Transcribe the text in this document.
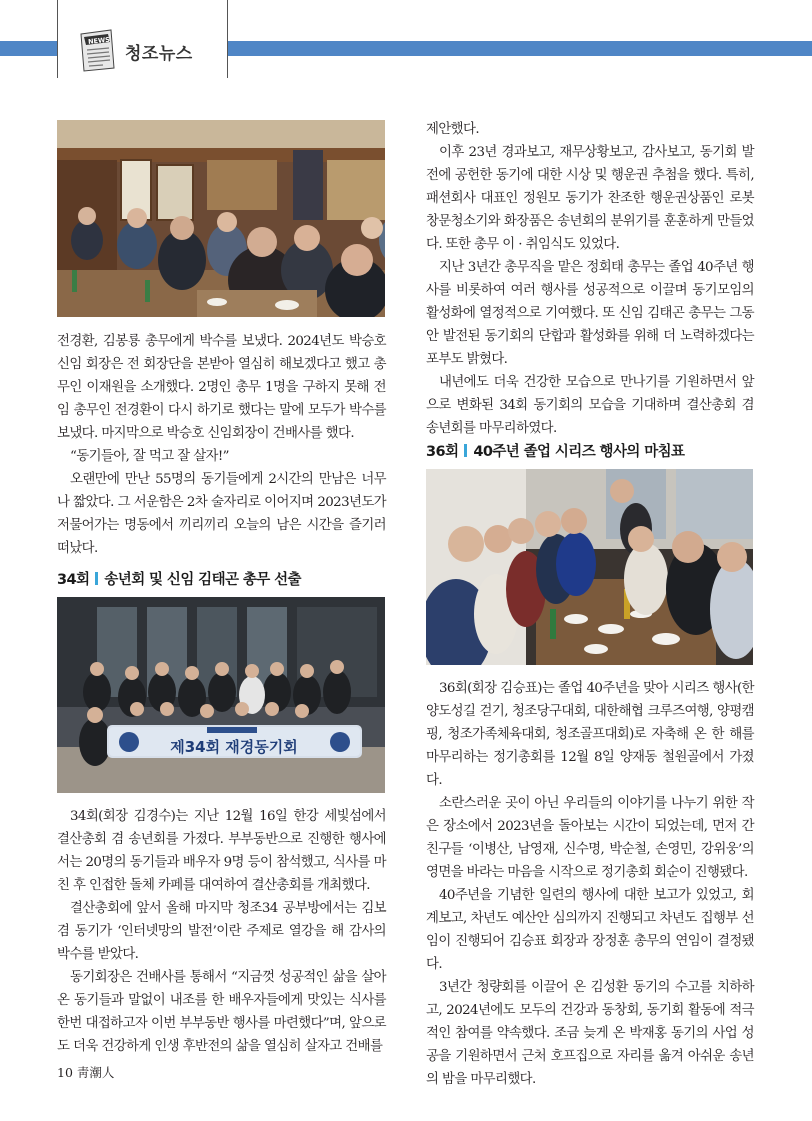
NEWS
청조뉴스

전경환, 김봉룡 총무에게 박수를 보냈다. 2024년도 박승호 신임 회장은 전 회장단을 본받아 열심히 해보겠다고 했고 총무인 이재원을 소개했다. 2명인 총무 1명을 구하지 못해 전임 총무인 전경환이 다시 하기로 했다는 말에 모두가 박수를 보냈다. 마지막으로 박승호 신임회장이 건배사를 했다.

“동기들아, 잘 먹고 잘 살자!”

오랜만에 만난 55명의 동기들에게 2시간의 만남은 너무나 짧았다. 그 서운함은 2차 술자리로 이어지며 2023년도가 저물어가는 명동에서 끼리끼리 오늘의 남은 시간을 즐기러 떠났다.

34회 송년회 및 신임 김태곤 총무 선출
제34회 재경동기회

34회(회장 김경수)는 지난 12월 16일 한강 세빛섬에서 결산총회 겸 송년회를 가졌다. 부부동반으로 진행한 행사에서는 20명의 동기들과 배우자 9명 등이 참석했고, 식사를 마친 후 인접한 돌체 카페를 대여하여 결산총회를 개최했다.

결산총회에 앞서 올해 마지막 청조34 공부방에서는 김보겸 동기가 ‘인터넷망의 발전’이란 주제로 열강을 해 감사의 박수를 받았다.

동기회장은 건배사를 통해서 “지금껏 성공적인 삶을 살아온 동기들과 말없이 내조를 한 배우자들에게 맛있는 식사를 한번 대접하고자 이번 부부동반 행사를 마련했다”며, 앞으로도 더욱 건강하게 인생 후반전의 삶을 열심히 살자고 건배를

제안했다.

이후 23년 경과보고, 재무상황보고, 감사보고, 동기회 발전에 공헌한 동기에 대한 시상 및 행운권 추첨을 했다. 특히, 패션회사 대표인 정원모 동기가 찬조한 행운권상품인 로봇 창문청소기와 화장품은 송년회의 분위기를 훈훈하게 만들었다. 또한 총무 이 · 취임식도 있었다.

지난 3년간 총무직을 맡은 정회태 총무는 졸업 40주년 행사를 비롯하여 여러 행사를 성공적으로 이끌며 동기모임의 활성화에 열정적으로 기여했다. 또 신임 김태곤 총무는 그동안 발전된 동기회의 단합과 활성화를 위해 더 노력하겠다는 포부도 밝혔다.

내년에도 더욱 건강한 모습으로 만나기를 기원하면서 앞으로 변화된 34회 동기회의 모습을 기대하며 결산총회 겸 송년회를 마무리하였다.

36회 40주년 졸업 시리즈 행사의 마침표

36회(회장 김승표)는 졸업 40주년을 맞아 시리즈 행사(한양도성길 걷기, 청조당구대회, 대한해협 크루즈여행, 양평캠핑, 청조가족체육대회, 청조골프대회)로 자축해 온 한 해를 마무리하는 정기총회를 12월 8일 양재동 철원골에서 가졌다.

소란스러운 곳이 아닌 우리들의 이야기를 나누기 위한 작은 장소에서 2023년을 돌아보는 시간이 되었는데, 먼저 간 친구들 ‘이병산, 남영재, 신수명, 박순철, 손영민, 강위웅’의 영면을 바라는 마음을 시작으로 정기총회 회순이 진행됐다.

40주년을 기념한 일련의 행사에 대한 보고가 있었고, 회계보고, 차년도 예산안 심의까지 진행되고 차년도 집행부 선임이 진행되어 김승표 회장과 장정훈 총무의 연임이 결정됐다.

3년간 청량회를 이끌어 온 김성환 동기의 수고를 치하하고, 2024년에도 모두의 건강과 동창회, 동기회 활동에 적극적인 참여를 약속했다. 조금 늦게 온 박재홍 동기의 사업 성공을 기원하면서 근처 호프집으로 자리를 옮겨 아쉬운 송년의 밤을 마무리했다.

10 靑潮人
